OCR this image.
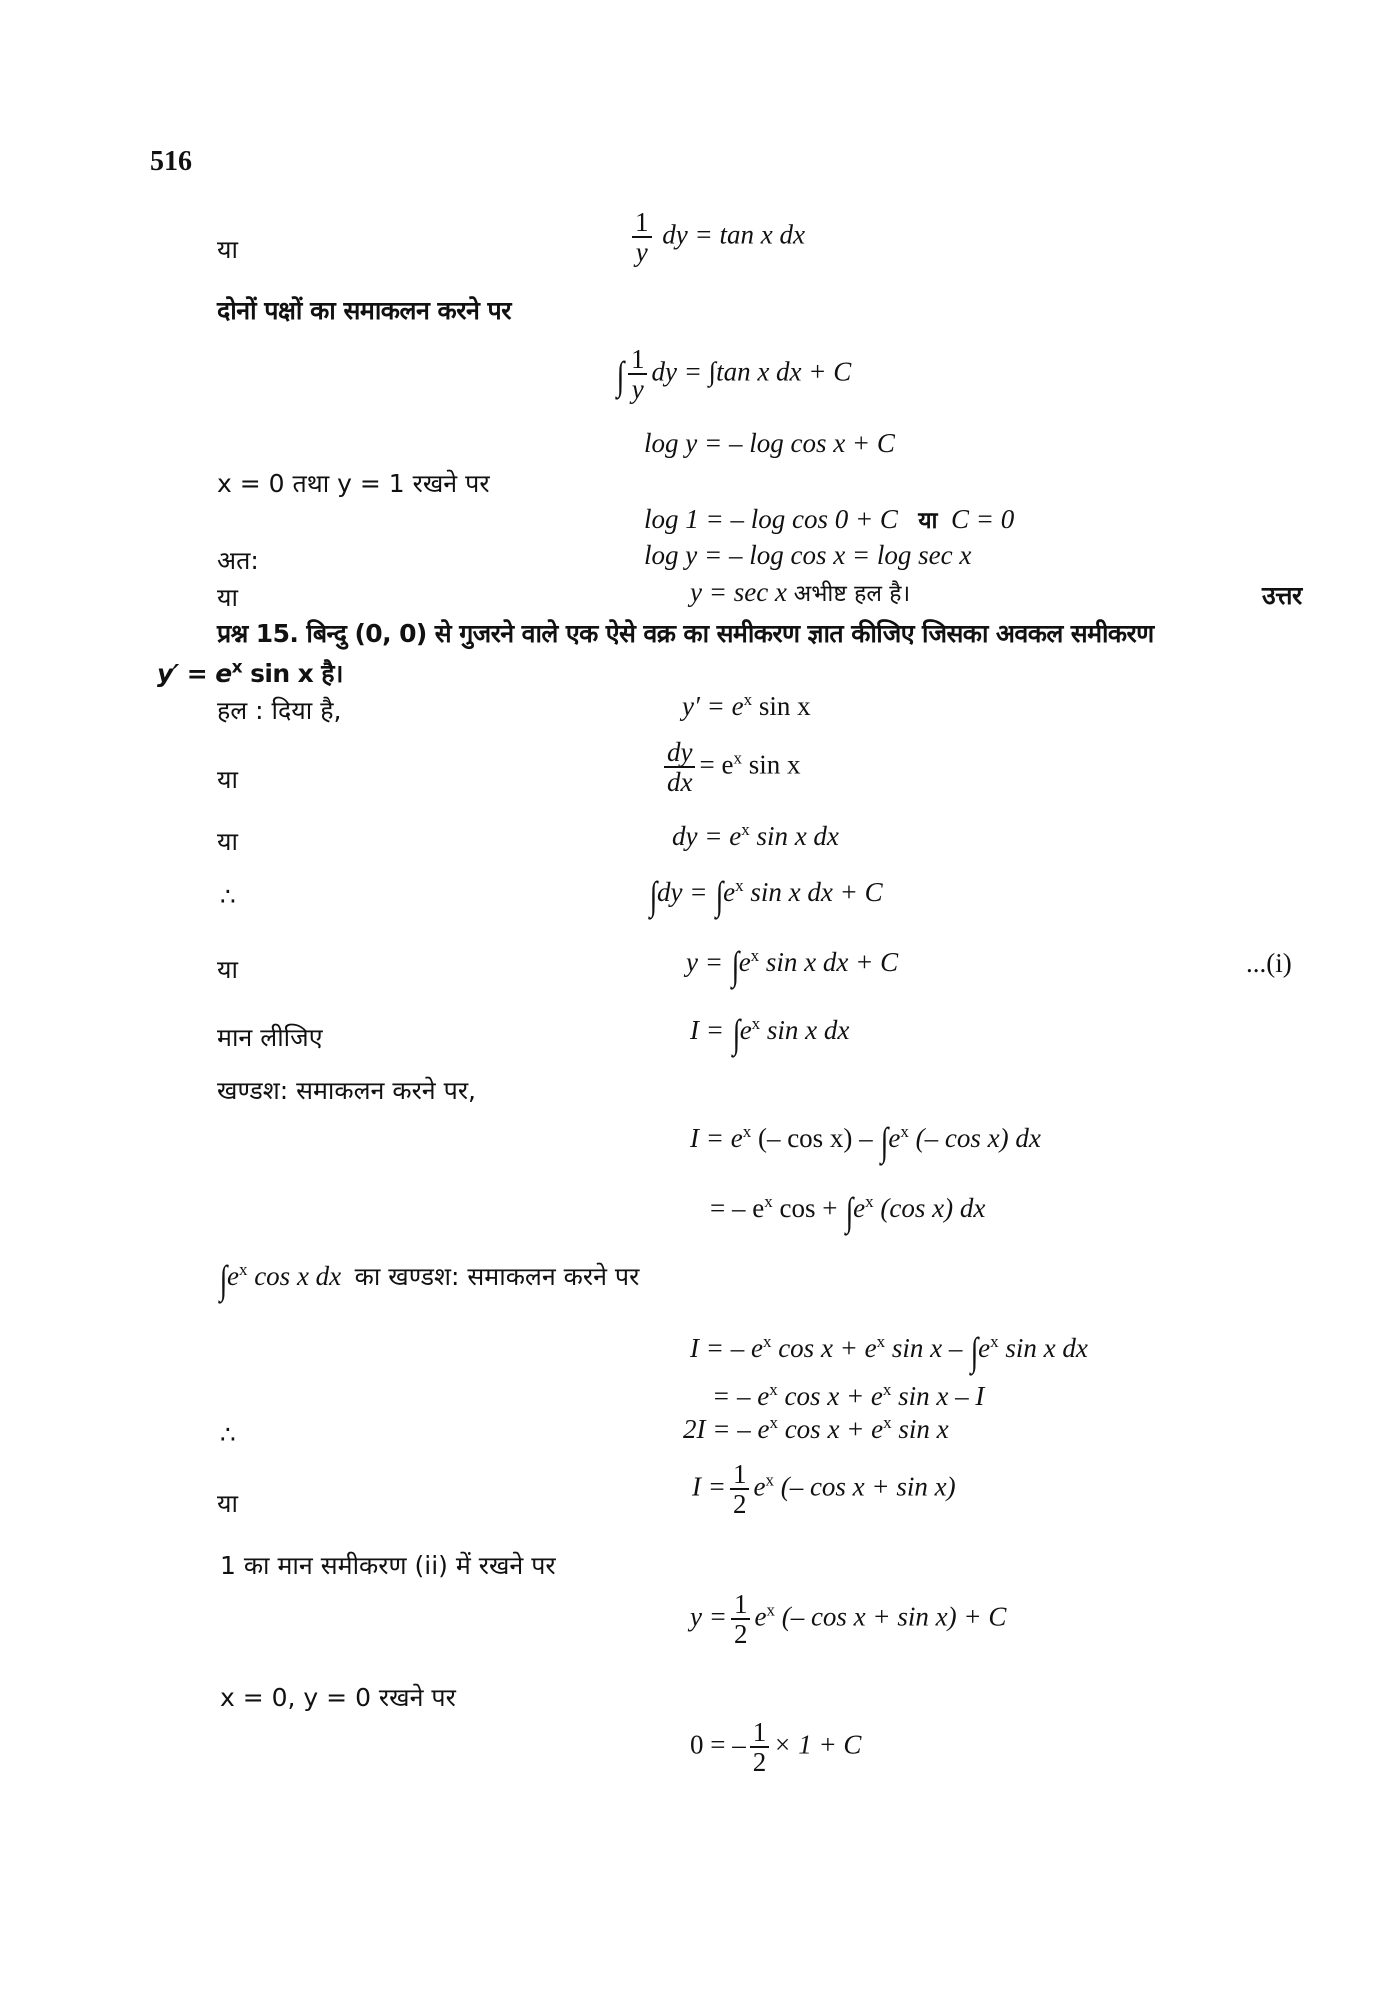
516
या	$\frac{1}{y}$ dy = tan x dx
दोनों पक्षों का समाकलन करने पर
∫ $\frac{1}{y}$ dy = ∫tan x dx + C
log y = – log cos x + C
x = 0 तथा y = 1 रखने पर
log 1 = – log cos 0 + C या C = 0
अत:	log y = – log cos x = log sec x
या	y = sec x अभीष्ट हल है।	उत्तर
प्रश्न 15. बिन्दु (0, 0) से गुजरने वाले एक ऐसे वक्र का समीकरण ज्ञात कीजिए जिसका अवकल समीकरण
$y' = e^x$ sin x है।
हल : दिया है,	$y' = e^x$ sin x
या	$\frac{dy}{dx} = e^x$ sin x
या	dy = $e^x$ sin x dx
∴	$\int dy = \int e^x$ sin x dx + C
या	$y = \int e^x$ sin x dx + C	...(i)
मान लीजिए	$I = \int e^x$ sin x dx
खण्डश: समाकलन करने पर,
$I = e^x$ (– $\cos x) - \int e^x$ (– cos x) dx
= – $e^x$ $\cos + \int e^x$ (cos x) dx
$\int e^x$ cos x dx का खण्डश: समाकलन करने पर
I = – $e^x$ $\cos x + e^x$ sin x – $\int e^x$ sin x dx
= – $e^x$ $\cos x + e^x$ sin x – I
∴	2I = – $e^x$ $\cos x + e^x$ sin x
या
$I = \frac{1}{2} e^x$ (– cos x + sin x)
1 का मान समीकरण (ii) में रखने पर
$y = \frac{1}{2} e^x$ (– cos x + sin x) + C
x = 0, y = 0 रखने पर
0 = – $\frac{1}{2} \times 1 + C$
